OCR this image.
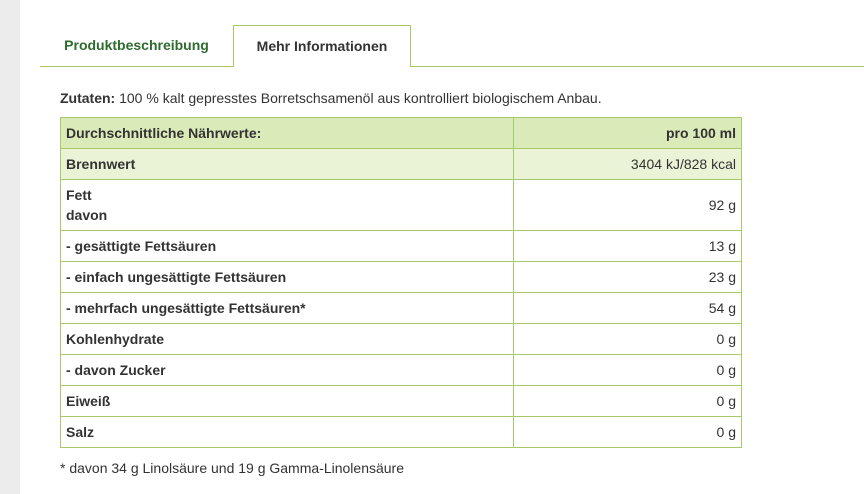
Produktbeschreibung	Mehr Informationen
Zutaten: 100 % kalt gepresstes Borretschsamenöl aus kontrolliert biologischem Anbau.
Durchschnittliche Nährwerte:	pro 100 ml
Brennwert	3404 kJ/828 kcal

Fett
davon	92 g
- gesättigte Fettsäuren	13 g
- einfach ungesättigte Fettsäuren	23 g
- mehrfach ungesättigte Fettsäuren*	54 g
Kohlenhydrate	0 g
- davon Zucker	0 g
Eiweiß	0 g
Salz	0 g
* davon 34 g Linolsäure und 19 g Gamma-Linolensäure
